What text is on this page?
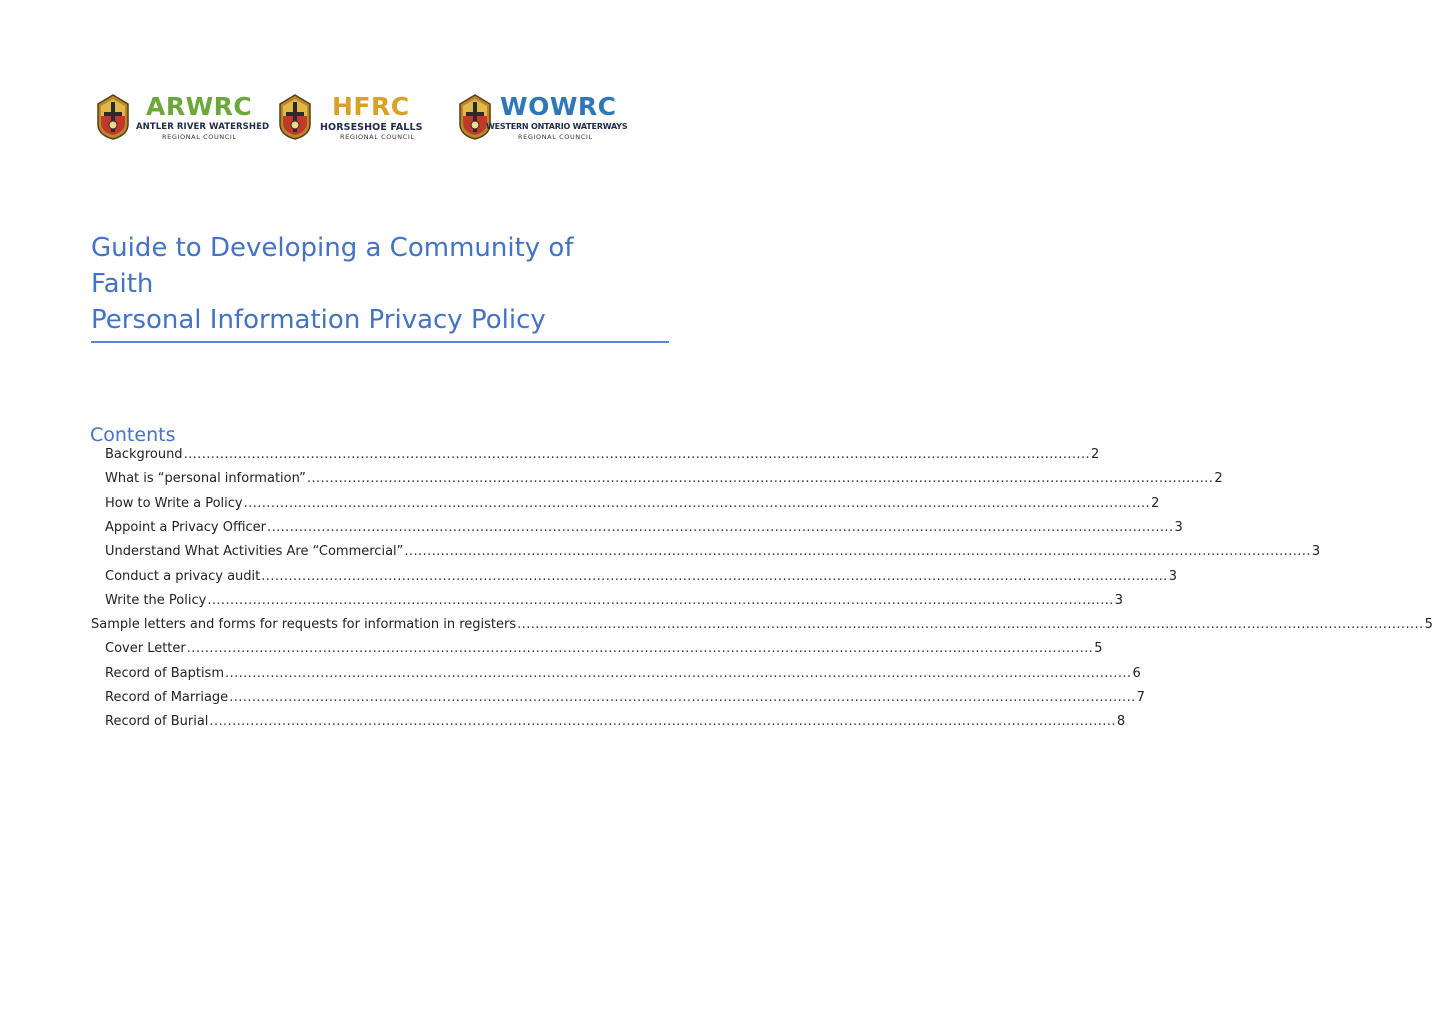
ARWRC
ANTLER RIVER WATERSHED
REGIONAL COUNCIL
HFRC
HORSESHOE FALLS
REGIONAL COUNCIL
WOWRC
WESTERN ONTARIO WATERWAYS
REGIONAL COUNCIL
Guide to Developing a Community of
Faith
Personal Information Privacy Policy
Contents
Background ........................................................................................................................................................................................................ 2
What is “personal information” ........................................................................................................................................................................................................ 2
How to Write a Policy ........................................................................................................................................................................................................ 2
Appoint a Privacy Officer ........................................................................................................................................................................................................ 3
Understand What Activities Are “Commercial” ........................................................................................................................................................................................................ 3
Conduct a privacy audit ........................................................................................................................................................................................................ 3
Write the Policy ........................................................................................................................................................................................................ 3
Sample letters and forms for requests for information in registers ........................................................................................................................................................................................................ 5
Cover Letter ........................................................................................................................................................................................................ 5
Record of Baptism ........................................................................................................................................................................................................ 6
Record of Marriage ........................................................................................................................................................................................................ 7
Record of Burial ........................................................................................................................................................................................................ 8
